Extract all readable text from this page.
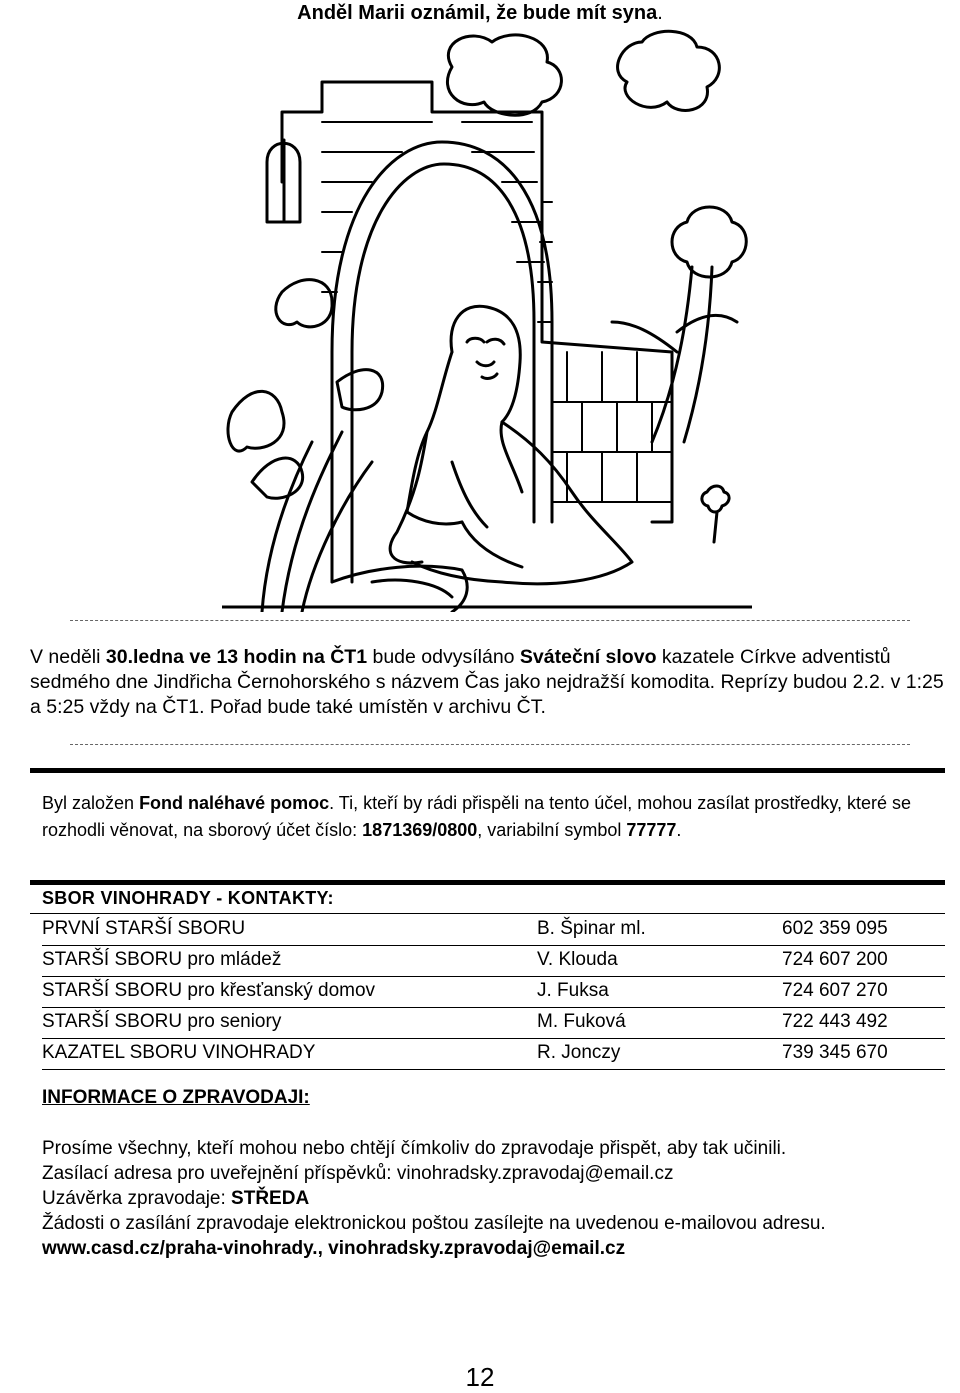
Anděl Marii oznámil, že bude mít syna.
V neděli 30.ledna ve 13 hodin na ČT1 bude odvysíláno Sváteční slovo kazatele Církve adventistů sedmého dne Jindřicha Černohorského s názvem Čas jako nejdražší komodita. Reprízy budou 2.2. v 1:25 a 5:25 vždy na ČT1. Pořad bude také umístěn v archivu ČT.
Byl založen Fond naléhavé pomoc. Ti, kteří by rádi přispěli na tento účel, mohou zasílat prostředky, které se rozhodli věnovat, na sborový účet číslo: 1871369/0800, variabilní symbol 77777.
SBOR VINOHRADY - KONTAKTY:
PRVNÍ STARŠÍ SBORU	B. Špinar ml.	602 359 095
STARŠÍ SBORU pro mládež	V. Klouda	724 607 200
STARŠÍ SBORU pro křesťanský domov	J. Fuksa	724 607 270
STARŠÍ SBORU pro seniory	M. Fuková	722 443 492
KAZATEL SBORU VINOHRADY	R. Jonczy	739 345 670
INFORMACE O ZPRAVODAJI:
Prosíme všechny, kteří mohou nebo chtějí čímkoliv do zpravodaje přispět, aby tak učinili.
Zasílací adresa pro uveřejnění příspěvků: vinohradsky.zpravodaj@email.cz
Uzávěrka zpravodaje: STŘEDA
Žádosti o zasílání zpravodaje elektronickou poštou zasílejte na uvedenou e-mailovou adresu.
www.casd.cz/praha-vinohrady., vinohradsky.zpravodaj@email.cz
12
